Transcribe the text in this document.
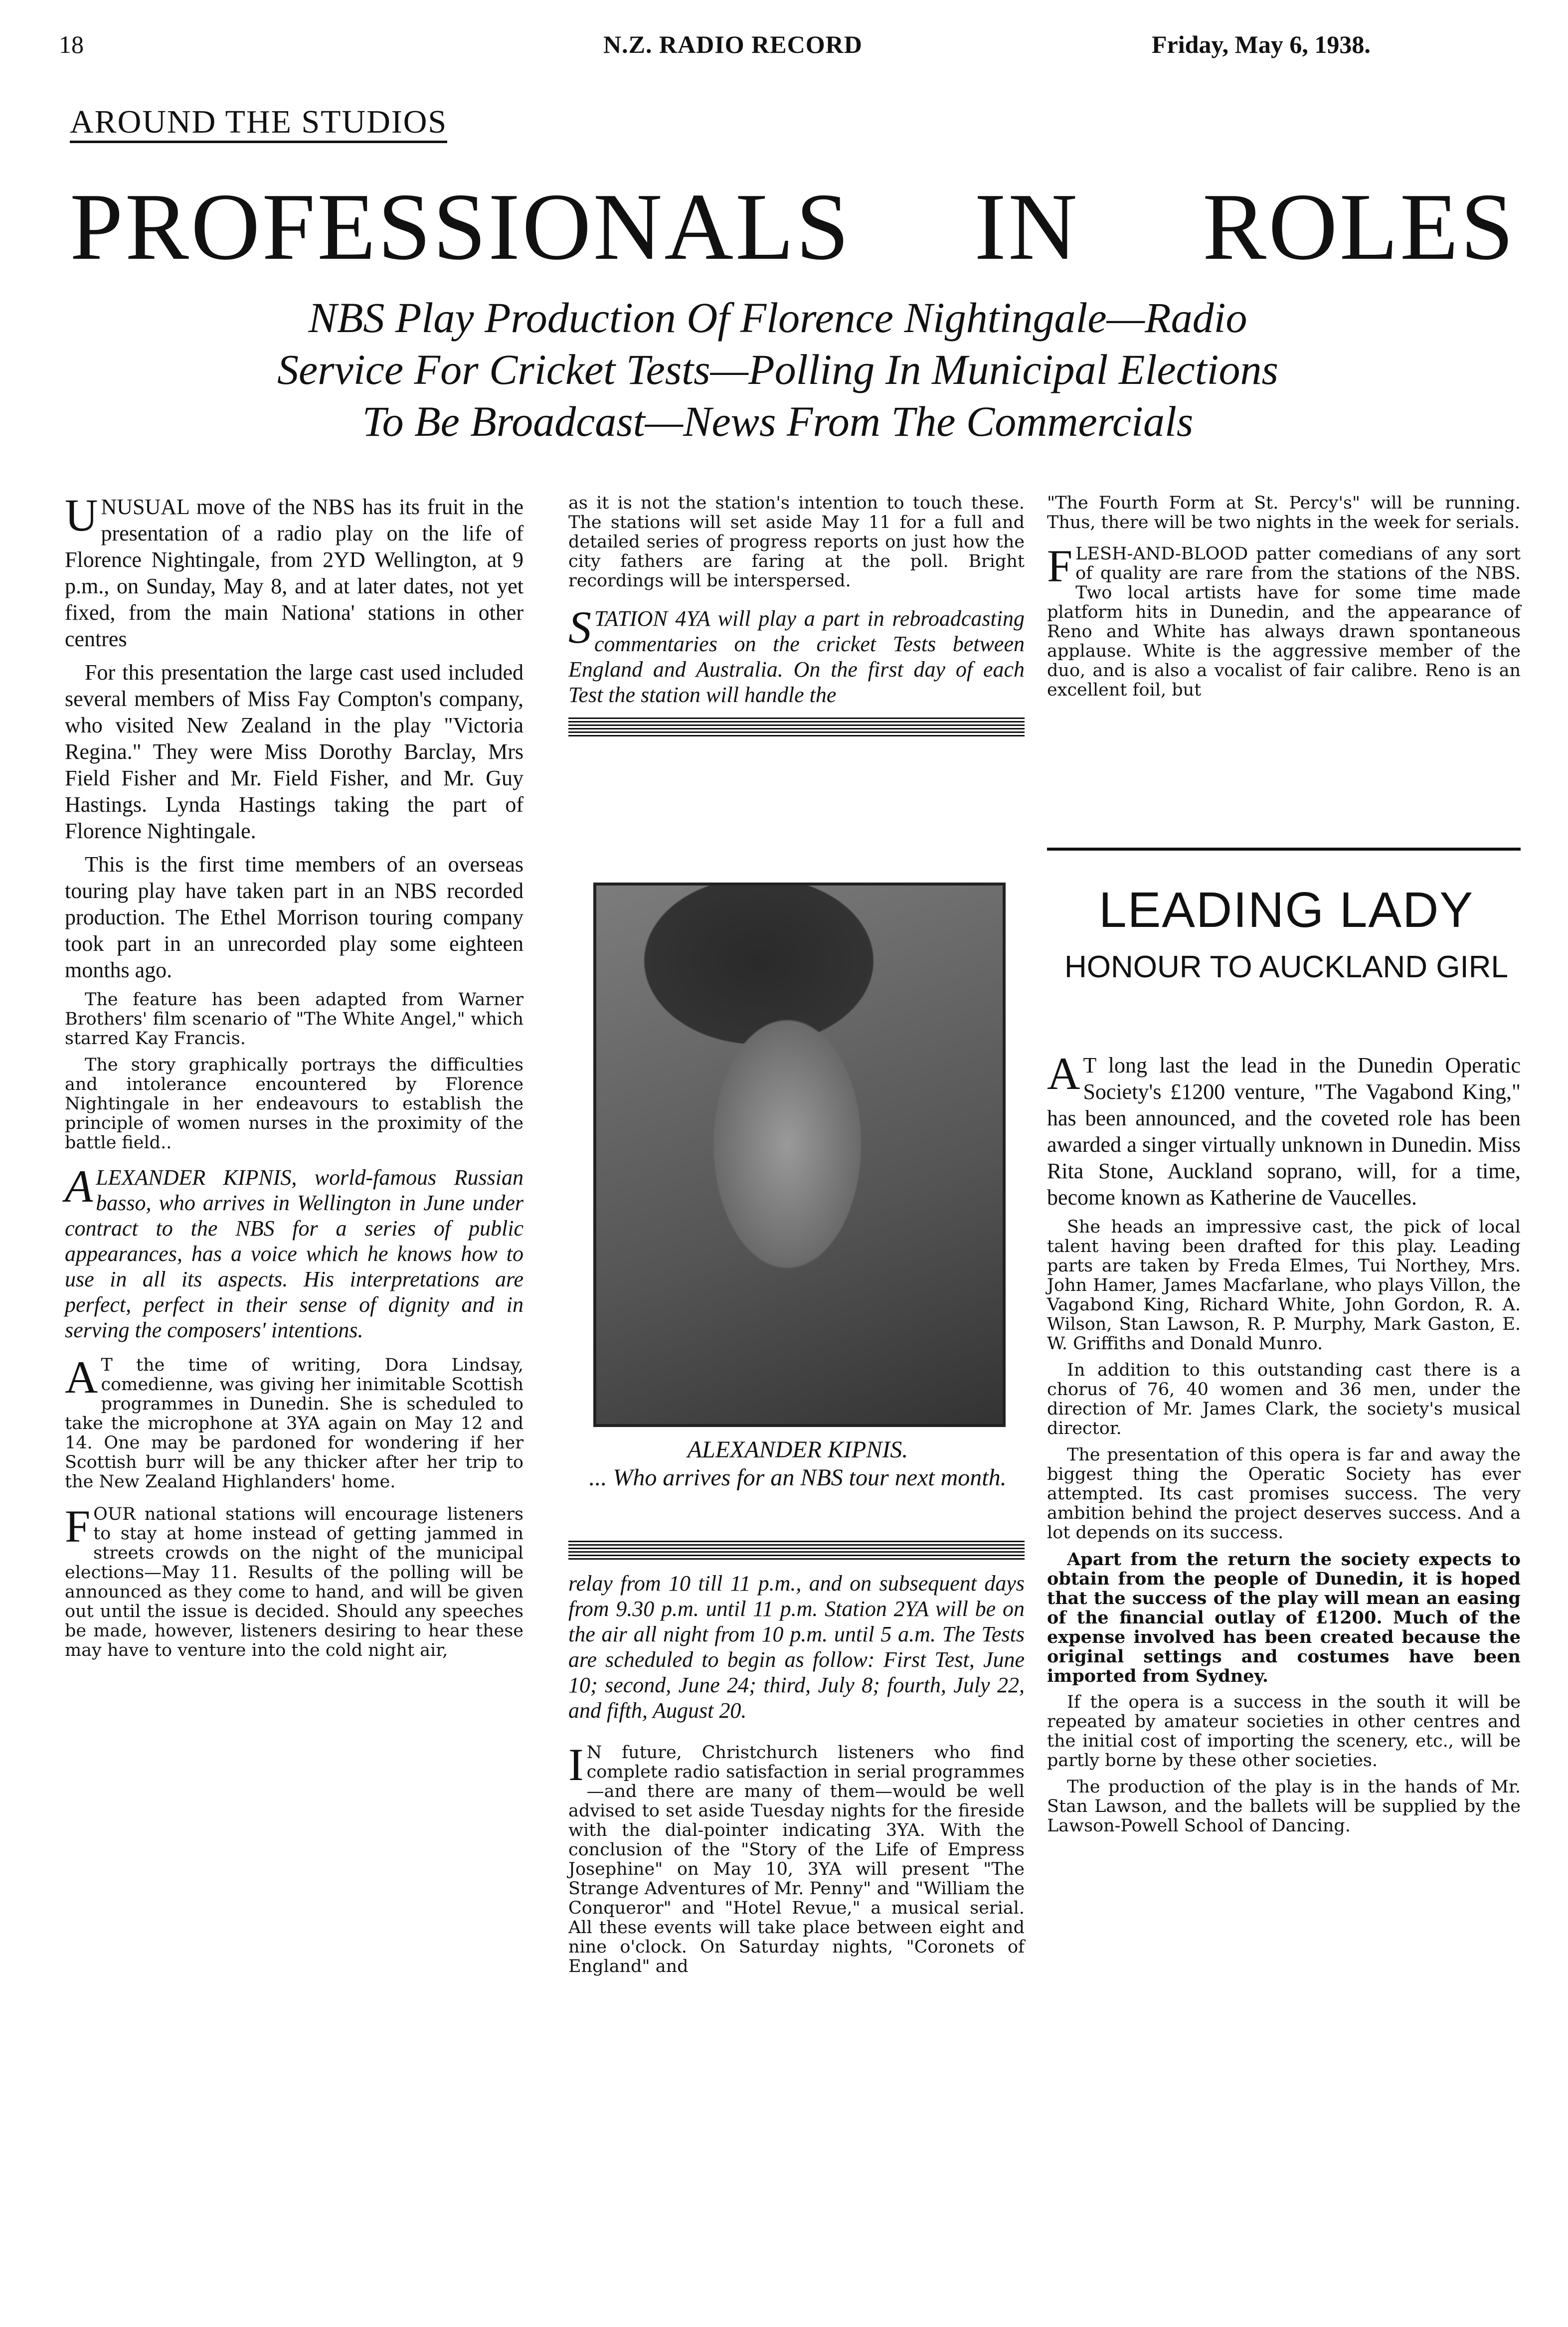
18	N.Z. RADIO RECORD	Friday, May 6, 1938.
AROUND THE STUDIOS
PROFESSIONALS IN ROLES
NBS Play Production Of Florence Nightingale—Radio
Service For Cricket Tests—Polling In Municipal Elections
To Be Broadcast—News From The Commercials

UNUSUAL move of the NBS has its fruit in the presentation of a radio play on the life of Florence Nightingale, from 2YD Wellington, at 9 p.m., on Sunday, May 8, and at later dates, not yet fixed, from the main Nationa' stations in other centres

For this presentation the large cast used included several members of Miss Fay Compton's company, who visited New Zealand in the play "Victoria Regina." They were Miss Dorothy Barclay, Mrs Field Fisher and Mr. Field Fisher, and Mr. Guy Hastings. Lynda Hastings taking the part of Florence Nightingale.

This is the first time members of an overseas touring play have taken part in an NBS recorded production. The Ethel Morrison touring company took part in an unrecorded play some eighteen months ago.

The feature has been adapted from Warner Brothers' film scenario of "The White Angel," which starred Kay Francis.

The story graphically portrays the difficulties and intolerance encountered by Florence Nightingale in her endeavours to establish the principle of women nurses in the proximity of the battle field..

ALEXANDER KIPNIS, world-famous Russian basso, who arrives in Wellington in June under contract to the NBS for a series of public appearances, has a voice which he knows how to use in all its aspects. His interpretations are perfect, perfect in their sense of dignity and in serving the composers' intentions.

A T the time of writing, Dora Lindsay, comedienne, was giving her inimitable Scottish programmes in Dunedin. She is scheduled to take the microphone at 3YA again on May 12 and 14. One may be pardoned for wondering if her Scottish burr will be any thicker after her trip to the New Zealand Highlanders' home.

FOUR national stations will encourage listeners to stay at home instead of getting jammed in streets crowds on the night of the municipal elections—May 11. Results of the polling will be announced as they come to hand, and will be given out until the issue is decided. Should any speeches be made, however, listeners desiring to hear these may have to venture into the cold night air,

as it is not the station's intention to touch these. The stations will set aside May 11 for a full and detailed series of progress reports on just how the city fathers are faring at the poll. Bright recordings will be interspersed.

STATION 4YA will play a part in rebroadcasting commentaries on the cricket Tests between England and Australia. On the first day of each Test the station will handle the

ALEXANDER KIPNIS.
... Who arrives for an NBS tour next month.

relay from 10 till 11 p.m., and on subsequent days from 9.30 p.m. until 11 p.m. Station 2YA will be on the air all night from 10 p.m. until 5 a.m. The Tests are scheduled to begin as follow: First Test, June 10; second, June 24; third, July 8; fourth, July 22, and fifth, August 20.

I N future, Christchurch listeners who find complete radio satisfaction in serial programmes—and there are many of them—would be well advised to set aside Tuesday nights for the fireside with the dial-pointer indicating 3YA. With the conclusion of the "Story of the Life of Empress Josephine" on May 10, 3YA will present "The Strange Adventures of Mr. Penny" and "William the Conqueror" and "Hotel Revue," a musical serial. All these events will take place between eight and nine o'clock. On Saturday nights, "Coronets of England" and

"The Fourth Form at St. Percy's" will be running. Thus, there will be two nights in the week for serials.

FLESH-AND-BLOOD patter comedians of any sort of quality are rare from the stations of the NBS. Two local artists have for some time made platform hits in Dunedin, and the appearance of Reno and White has always drawn spontaneous applause. White is the aggressive member of the duo, and is also a vocalist of fair calibre. Reno is an excellent foil, but

LEADING LADY
HONOUR TO AUCKLAND GIRL

A T long last the lead in the Dunedin Operatic Society's £1200 venture, "The Vagabond King," has been announced, and the coveted role has been awarded a singer virtually unknown in Dunedin. Miss Rita Stone, Auckland soprano, will, for a time, become known as Katherine de Vaucelles.

She heads an impressive cast, the pick of local talent having been drafted for this play. Leading parts are taken by Freda Elmes, Tui Northey, Mrs. John Hamer, James Macfarlane, who plays Villon, the Vagabond King, Richard White, John Gordon, R. A. Wilson, Stan Lawson, R. P. Murphy, Mark Gaston, E. W. Griffiths and Donald Munro.

In addition to this outstanding cast there is a chorus of 76, 40 women and 36 men, under the direction of Mr. James Clark, the society's musical director.

The presentation of this opera is far and away the biggest thing the Operatic Society has ever attempted. Its cast promises success. The very ambition behind the project deserves success. And a lot depends on its success.

Apart from the return the society expects to obtain from the people of Dunedin, it is hoped that the success of the play will mean an easing of the financial outlay of £1200. Much of the expense involved has been created because the original settings and costumes have been imported from Sydney.

If the opera is a success in the south it will be repeated by amateur societies in other centres and the initial cost of importing the scenery, etc., will be partly borne by these other societies.

The production of the play is in the hands of Mr. Stan Lawson, and the ballets will be supplied by the Lawson-Powell School of Dancing.
